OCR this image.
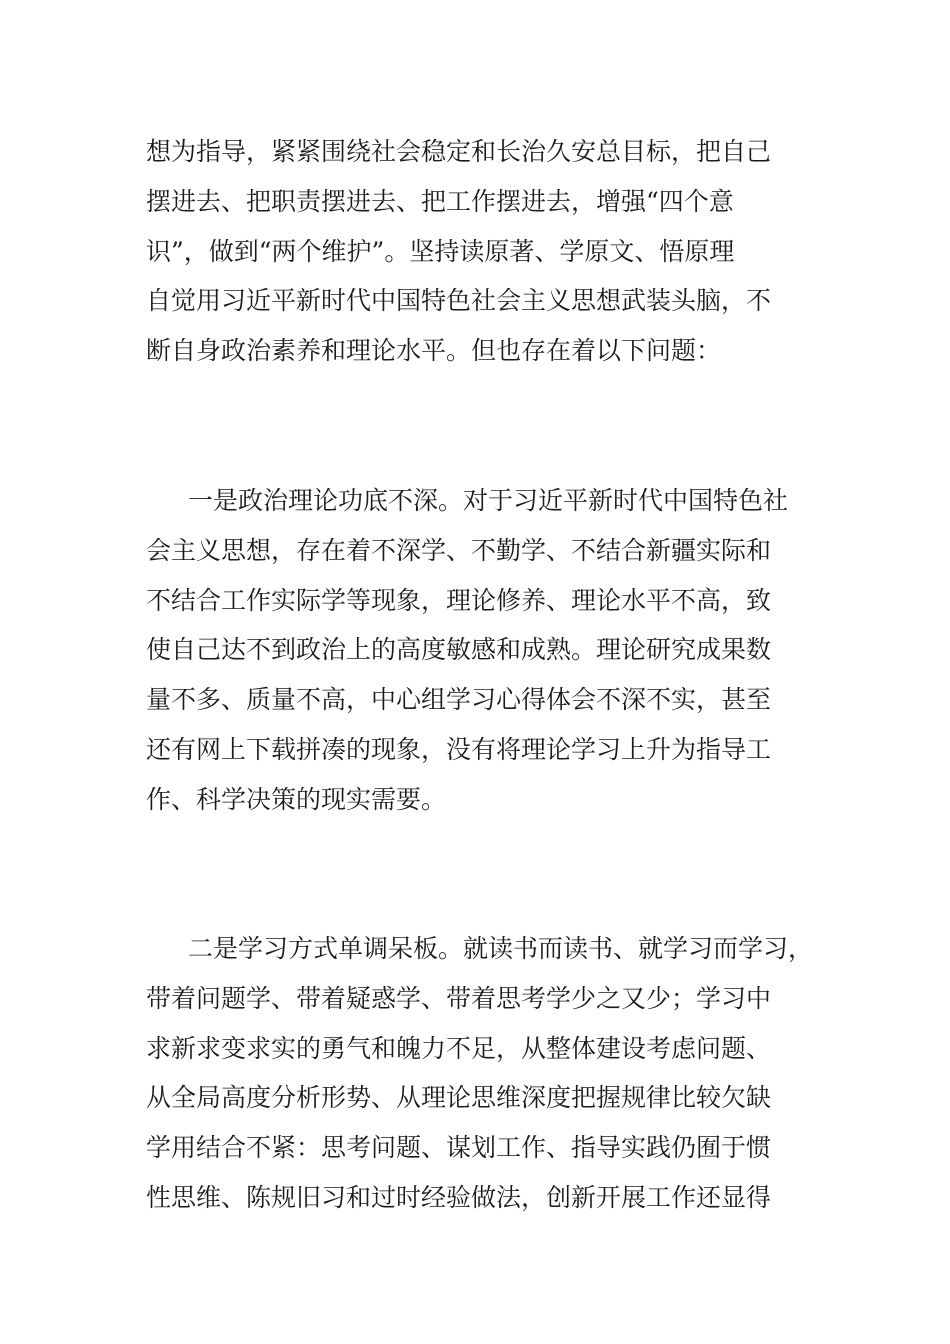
想为指导，紧紧围绕社会稳定和长治久安总目标，把自己
摆进去、把职责摆进去、把工作摆进去，增强“四个意
识”，做到“两个维护”。坚持读原著、学原文、悟原理
自觉用习近平新时代中国特色社会主义思想武装头脑，不
断自身政治素养和理论水平。但也存在着以下问题：
一是政治理论功底不深。对于习近平新时代中国特色社
会主义思想，存在着不深学、不勤学、不结合新疆实际和
不结合工作实际学等现象，理论修养、理论水平不高，致
使自己达不到政治上的高度敏感和成熟。理论研究成果数
量不多、质量不高，中心组学习心得体会不深不实，甚至
还有网上下载拼凑的现象，没有将理论学习上升为指导工
作、科学决策的现实需要。
二是学习方式单调呆板。就读书而读书、就学习而学习，
带着问题学、带着疑惑学、带着思考学少之又少；学习中
求新求变求实的勇气和魄力不足，从整体建设考虑问题、
从全局高度分析形势、从理论思维深度把握规律比较欠缺
学用结合不紧：思考问题、谋划工作、指导实践仍囿于惯
性思维、陈规旧习和过时经验做法，创新开展工作还显得
